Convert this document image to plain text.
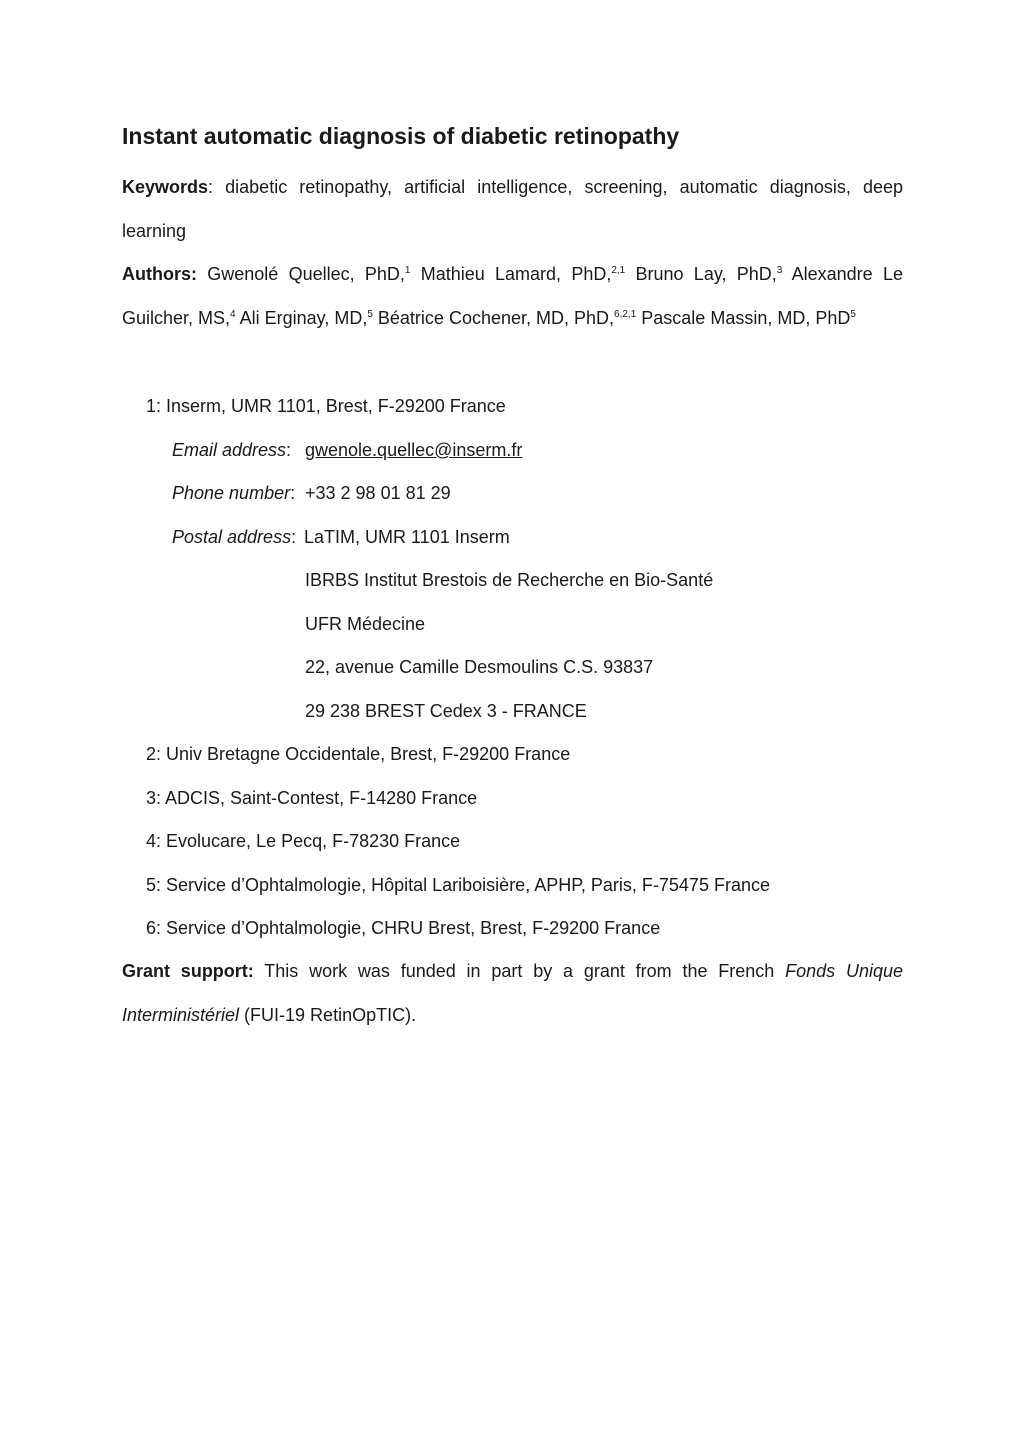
Instant automatic diagnosis of diabetic retinopathy

Keywords: diabetic retinopathy, artificial intelligence, screening, automatic diagnosis, deep learning

Authors: Gwenolé Quellec, PhD,$^1$ Mathieu Lamard, PhD,$^{2,1}$ Bruno Lay, PhD,$^3$ Alexandre Le Guilcher, MS,$^4$ Ali Erginay, MD,$^5$ Béatrice Cochener, MD, PhD,$^{6,2,1}$ Pascale Massin, MD, PhD$^5$

1: Inserm, UMR 1101, Brest, F-29200 France
Email address: gwenole.quellec@inserm.fr
Phone number: +33 2 98 01 81 29
Postal address: LaTIM, UMR 1101 Inserm
IBRBS Institut Brestois de Recherche en Bio-Santé
UFR Médecine
22, avenue Camille Desmoulins C.S. 93837
29 238 BREST Cedex 3 - FRANCE
2: Univ Bretagne Occidentale, Brest, F-29200 France
3: ADCIS, Saint-Contest, F-14280 France
4: Evolucare, Le Pecq, F-78230 France
5: Service d’Ophtalmologie, Hôpital Lariboisière, APHP, Paris, F-75475 France
6: Service d’Ophtalmologie, CHRU Brest, Brest, F-29200 France

Grant support: This work was funded in part by a grant from the French Fonds Unique Interministériel (FUI-19 RetinOpTIC).
